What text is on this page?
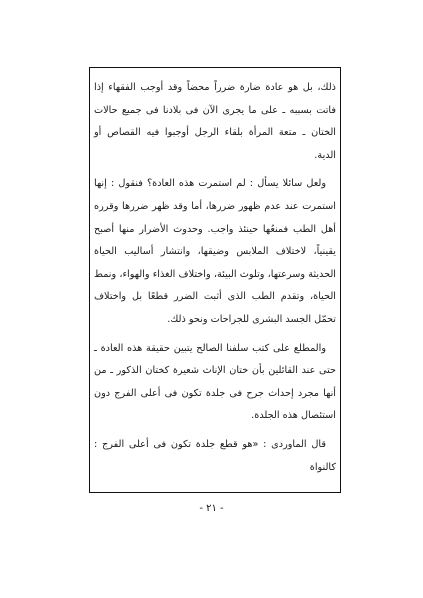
ذلك، بل هو عادة ضارة ضرراً محضاً وقد أوجب الفقهاء إذا فاتت بسببه ـ على ما يجرى الآن فى بلادنا فى جميع حالات الختان ـ متعة المرأة بلقاء الرجل أوجبوا فيه القصاص أو الدية.

ولعل سائلا يسأل : لم استمرت هذه العادة؟ فنقول : إنها استمرت عند عدم ظهور ضررها، أما وقد ظهر ضررها وقرره أهل الطب فمنعُها حينئذ واجب. وحدوث الأضرار منها أصبح يقينياً، لاختلاف الملابس وضيقها، وانتشار أساليب الحياة الحديثة وسرعتها، وتلوث البيئة، واختلاف الغذاء والهواء، ونمط الحياة، وتقدم الطب الذى أثبت الضرر قطعًا بل واختلاف تحمّل الجسد البشرى للجراحات ونحو ذلك.

والمطلع على كتب سلفنا الصالح يتبين حقيقة هذه العادة ـ حتى عند القائلين بأن ختان الإناث شعيرة كختان الذكور ـ من أنها مجرد إحداث جرح فى جلدة تكون فى أعلى الفرج دون استئصال هذه الجلدة.

قال الماوردى : «هو قطع جلدة تكون فى أعلى الفرج : كالنواة

- ٢١ -
